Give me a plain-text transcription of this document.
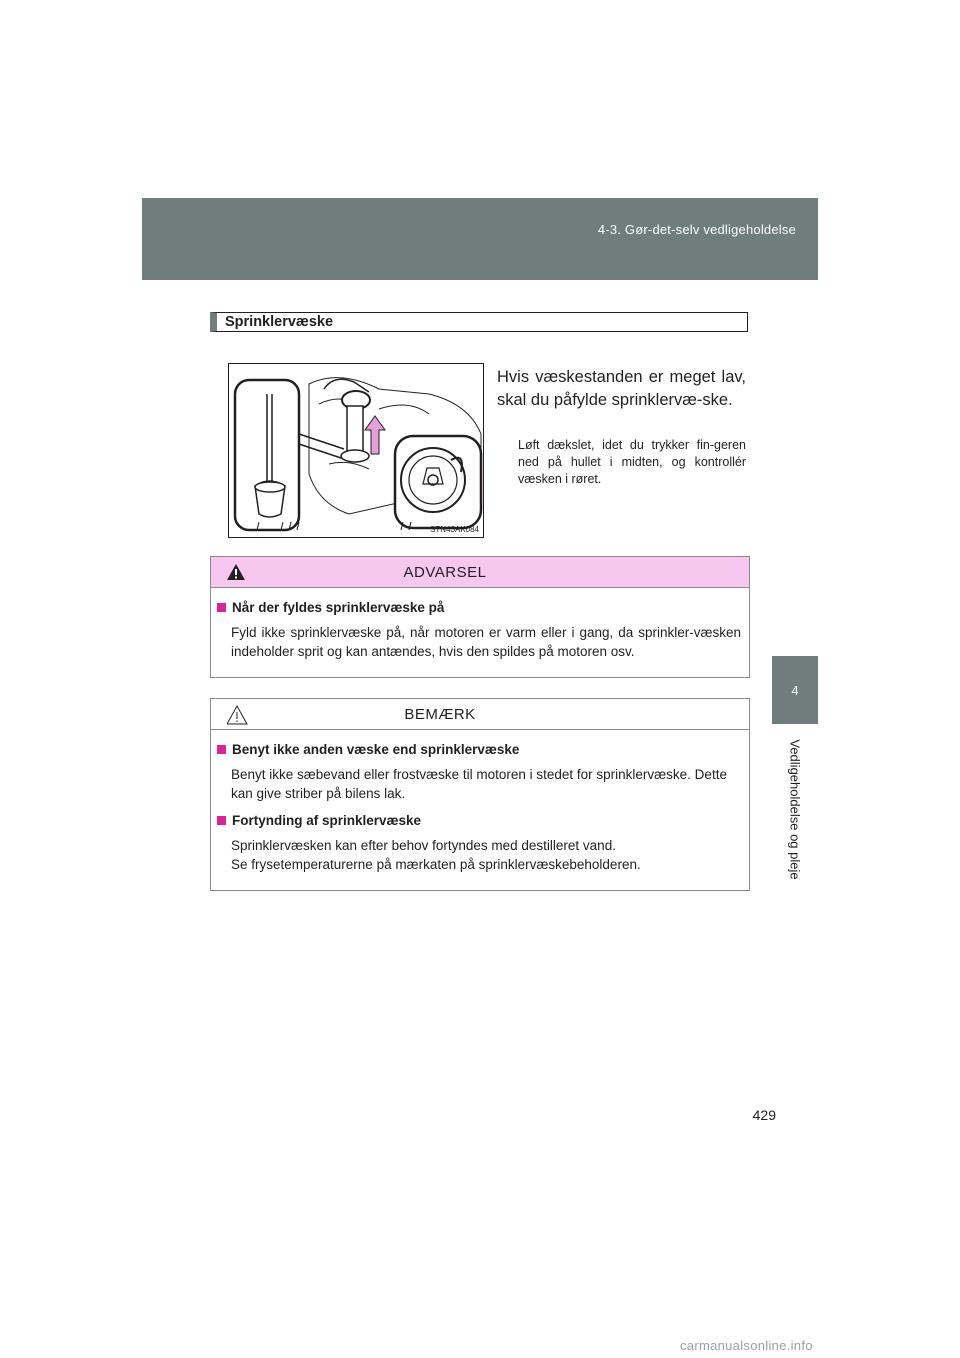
4-3. Gør-det-selv vedligeholdelse
4
Vedligeholdelse og pleje
Sprinklervæske
STN43AK084
Hvis væskestanden er meget lav, skal du påfylde sprinklervæ-ske.
Løft dækslet, idet du trykker fin-geren ned på hullet i midten, og kontrollér væsken i røret.
ADVARSEL
Når der fyldes sprinklervæske på
Fyld ikke sprinklervæske på, når motoren er varm eller i gang, da sprinkler-væsken indeholder sprit og kan antændes, hvis den spildes på motoren osv.
BEMÆRK
Benyt ikke anden væske end sprinklervæske
Benyt ikke sæbevand eller frostvæske til motoren i stedet for sprinklervæske. Dette kan give striber på bilens lak.
Fortynding af sprinklervæske
Sprinklervæsken kan efter behov fortyndes med destilleret vand.
Se frysetemperaturerne på mærkaten på sprinklervæskebeholderen.
429
carmanualsonline.info
